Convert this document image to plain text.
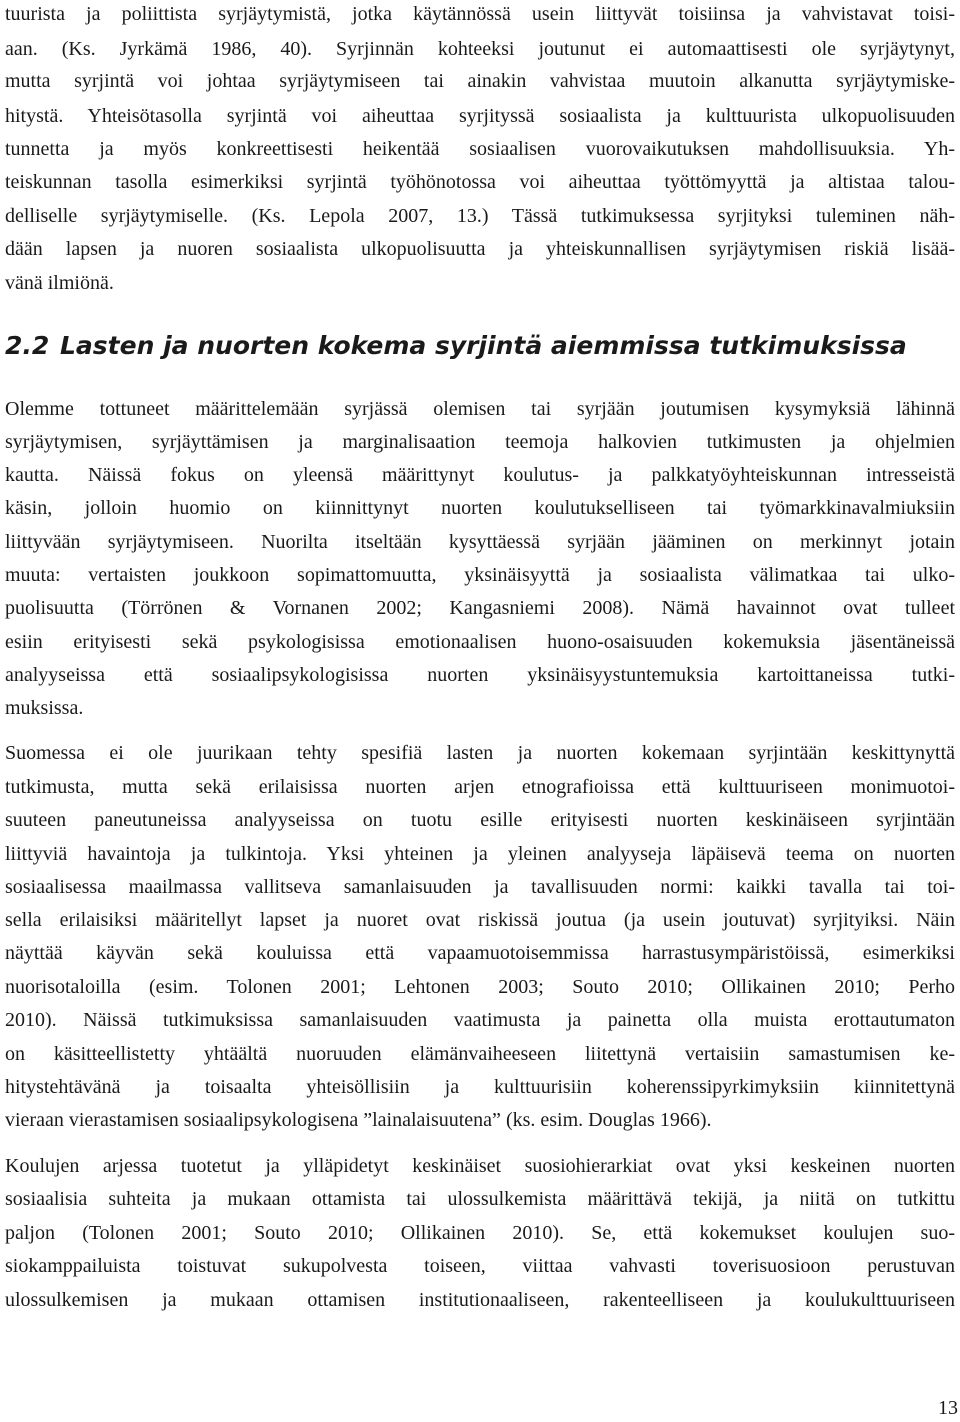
tuurista ja poliittista syrjäytymistä, jotka käytännössä usein liittyvät toisiinsa ja vahvistavat toisi-
aan. (Ks. Jyrkämä 1986, 40). Syrjinnän kohteeksi joutunut ei automaattisesti ole syrjäytynyt,
mutta syrjintä voi johtaa syrjäytymiseen tai ainakin vahvistaa muutoin alkanutta syrjäytymiske-
hitystä. Yhteisötasolla syrjintä voi aiheuttaa syrjityssä sosiaalista ja kulttuurista ulkopuolisuuden
tunnetta ja myös konkreettisesti heikentää sosiaalisen vuorovaikutuksen mahdollisuuksia. Yh-
teiskunnan tasolla esimerkiksi syrjintä työhönotossa voi aiheuttaa työttömyyttä ja altistaa talou-
delliselle syrjäytymiselle. (Ks. Lepola 2007, 13.) Tässä tutkimuksessa syrjityksi tuleminen näh-
dään lapsen ja nuoren sosiaalista ulkopuolisuutta ja yhteiskunnallisen syrjäytymisen riskiä lisää-
vänä ilmiönä.
2.2 Lasten ja nuorten kokema syrjintä aiemmissa tutkimuksissa
Olemme tottuneet määrittelemään syrjässä olemisen tai syrjään joutumisen kysymyksiä lähinnä
syrjäytymisen, syrjäyttämisen ja marginalisaation teemoja halkovien tutkimusten ja ohjelmien
kautta. Näissä fokus on yleensä määrittynyt koulutus- ja palkkatyöyhteiskunnan intresseistä
käsin, jolloin huomio on kiinnittynyt nuorten koulutukselliseen tai työmarkkinavalmiuksiin
liittyvään syrjäytymiseen. Nuorilta itseltään kysyttäessä syrjään jääminen on merkinnyt jotain
muuta: vertaisten joukkoon sopimattomuutta, yksinäisyyttä ja sosiaalista välimatkaa tai ulko-
puolisuutta (Törrönen & Vornanen 2002; Kangasniemi 2008). Nämä havainnot ovat tulleet
esiin erityisesti sekä psykologisissa emotionaalisen huono-osaisuuden kokemuksia jäsentäneissä
analyyseissa että sosiaalipsykologisissa nuorten yksinäisyystuntemuksia kartoittaneissa tutki-
muksissa.
Suomessa ei ole juurikaan tehty spesifiä lasten ja nuorten kokemaan syrjintään keskittynyttä
tutkimusta, mutta sekä erilaisissa nuorten arjen etnografioissa että kulttuuriseen monimuotoi-
suuteen paneutuneissa analyyseissa on tuotu esille erityisesti nuorten keskinäiseen syrjintään
liittyviä havaintoja ja tulkintoja. Yksi yhteinen ja yleinen analyyseja läpäisevä teema on nuorten
sosiaalisessa maailmassa vallitseva samanlaisuuden ja tavallisuuden normi: kaikki tavalla tai toi-
sella erilaisiksi määritellyt lapset ja nuoret ovat riskissä joutua (ja usein joutuvat) syrjityiksi. Näin
näyttää käyvän sekä kouluissa että vapaamuotoisemmissa harrastusympäristöissä, esimerkiksi
nuorisotaloilla (esim. Tolonen 2001; Lehtonen 2003; Souto 2010; Ollikainen 2010; Perho
2010). Näissä tutkimuksissa samanlaisuuden vaatimusta ja painetta olla muista erottautumaton
on käsitteellistetty yhtäältä nuoruuden elämänvaiheeseen liitettynä vertaisiin samastumisen ke-
hitystehtävänä ja toisaalta yhteisöllisiin ja kulttuurisiin koherenssipyrkimyksiin kiinnitettynä
vieraan vierastamisen sosiaalipsykologisena ”lainalaisuutena” (ks. esim. Douglas 1966).
Koulujen arjessa tuotetut ja ylläpidetyt keskinäiset suosiohierarkiat ovat yksi keskeinen nuorten
sosiaalisia suhteita ja mukaan ottamista tai ulossulkemista määrittävä tekijä, ja niitä on tutkittu
paljon (Tolonen 2001; Souto 2010; Ollikainen 2010). Se, että kokemukset koulujen suo-
siokamppailuista toistuvat sukupolvesta toiseen, viittaa vahvasti toverisuosioon perustuvan
ulossulkemisen ja mukaan ottamisen institutionaaliseen, rakenteelliseen ja koulukulttuuriseen
13
